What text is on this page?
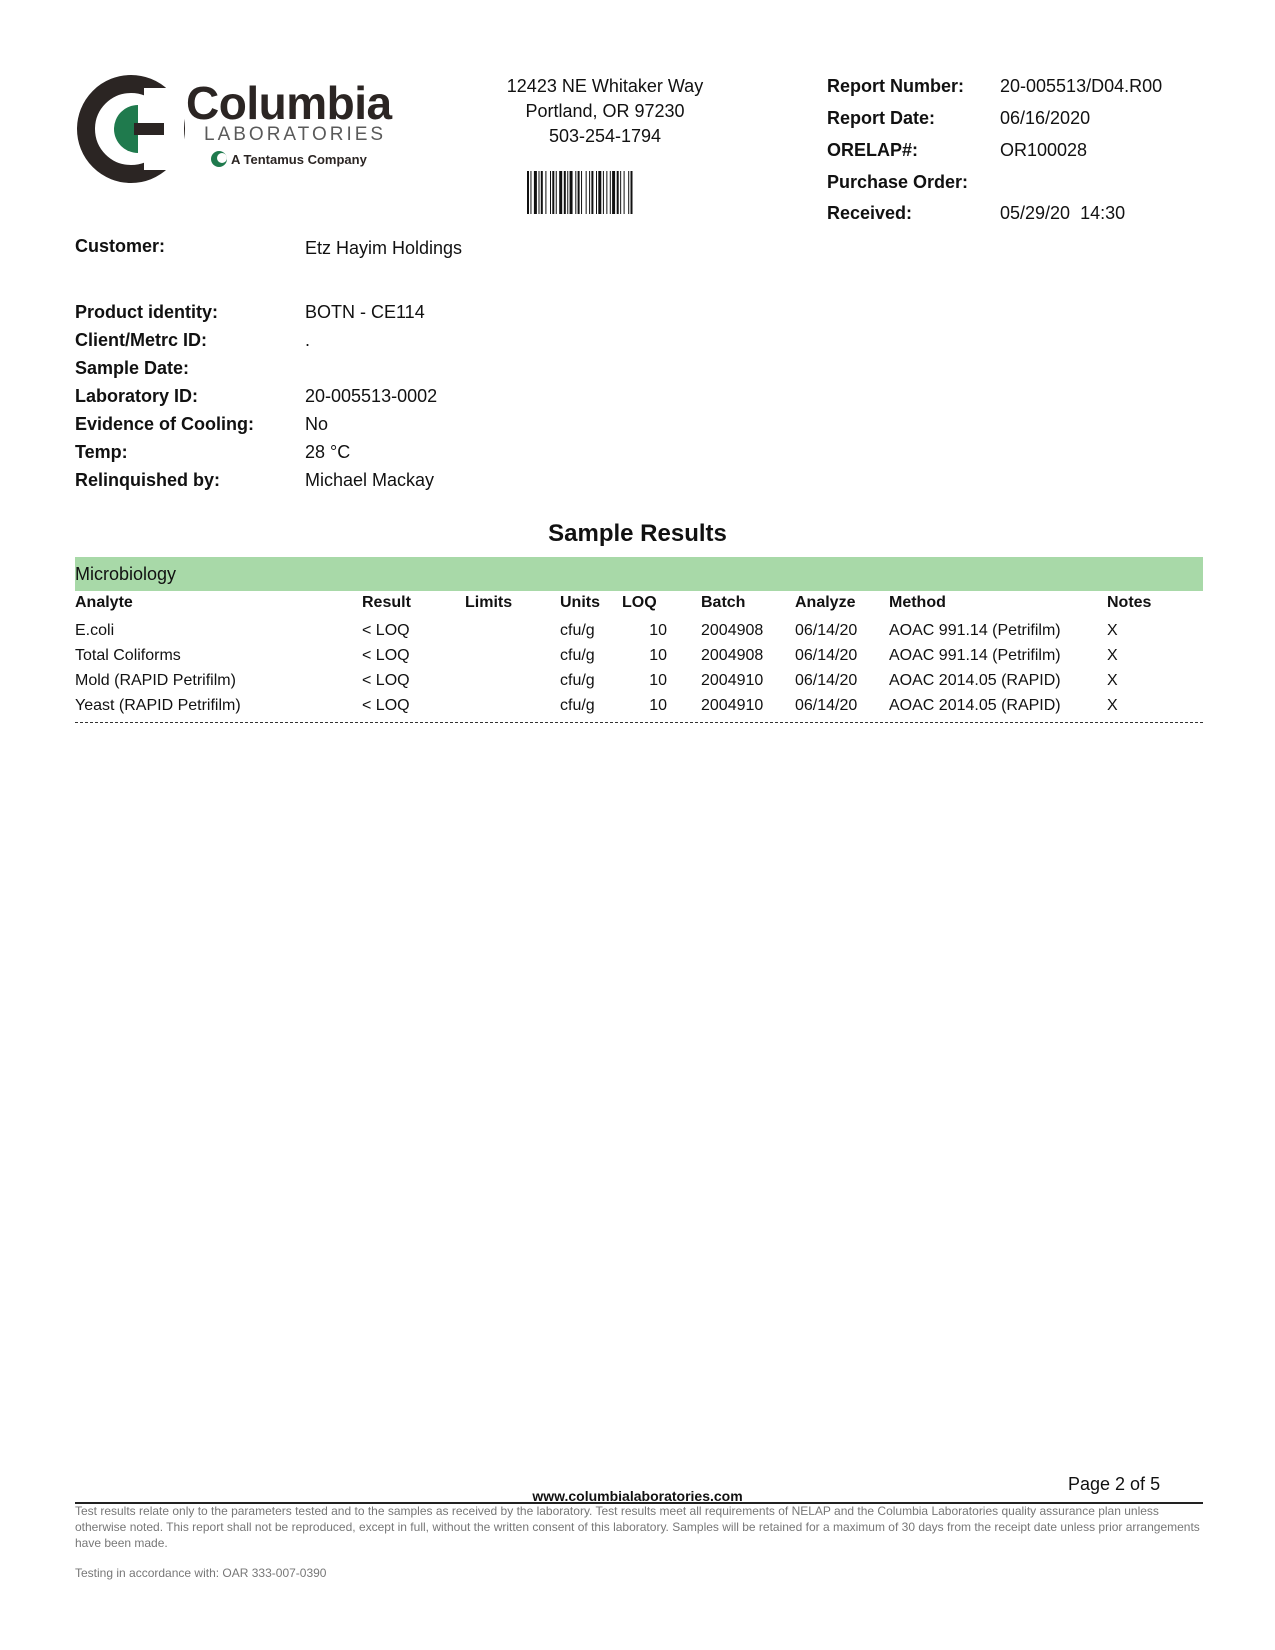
Columbia
LABORATORIES
A Tentamus Company
12423 NE Whitaker Way
Portland, OR 97230
503-254-1794
Report Number: 20-005513/D04.R00
Report Date:	06/16/2020
ORELAP#:	OR100028
Purchase Order:
Received:	05/29/20  14:30
Customer:	Etz Hayim Holdings
Product identity:	BOTN - CE114
Client/Metrc ID:	.
Sample Date:
Laboratory ID:	20-005513-0002
Evidence of Cooling:	No
Temp:	28 °C
Relinquished by:	Michael Mackay
Sample Results
Microbiology
Analyte	Result	Limits	Units	LOQ	Batch	Analyze	Method	Notes
E.coli	< LOQ		cfu/g	10	2004908	06/14/20	AOAC 991.14 (Petrifilm)	X
Total Coliforms	< LOQ		cfu/g	10	2004908	06/14/20	AOAC 991.14 (Petrifilm)	X
Mold (RAPID Petrifilm)	< LOQ		cfu/g	10	2004910	06/14/20	AOAC 2014.05 (RAPID)	X
Yeast (RAPID Petrifilm)	< LOQ		cfu/g	10	2004910	06/14/20	AOAC 2014.05 (RAPID)	X
Page 2 of 5
www.columbialaboratories.com
Test results relate only to the parameters tested and to the samples as received by the laboratory. Test results meet all requirements of NELAP and the Columbia Laboratories quality assurance plan unless otherwise noted. This report shall not be reproduced, except in full, without the written consent of this laboratory. Samples will be retained for a maximum of 30 days from the receipt date unless prior arrangements have been made.
Testing in accordance with: OAR 333-007-0390
